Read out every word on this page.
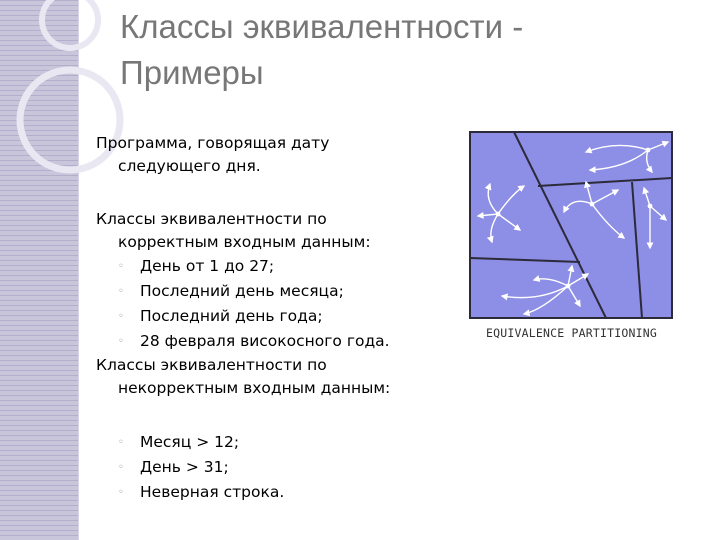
Классы эквивалентности -
Примеры
Программа, говорящая дату
следующего дня.
Классы эквивалентности по
корректным входным данным:
◦ День от 1 до 27;
◦ Последний день месяца;
◦ Последний день года;
◦ 28 февраля високосного года.
Классы эквивалентности по
некорректным входным данным:
◦ Месяц > 12;
◦ День > 31;
◦ Неверная строка.
EQUIVALENCE PARTITIONING
